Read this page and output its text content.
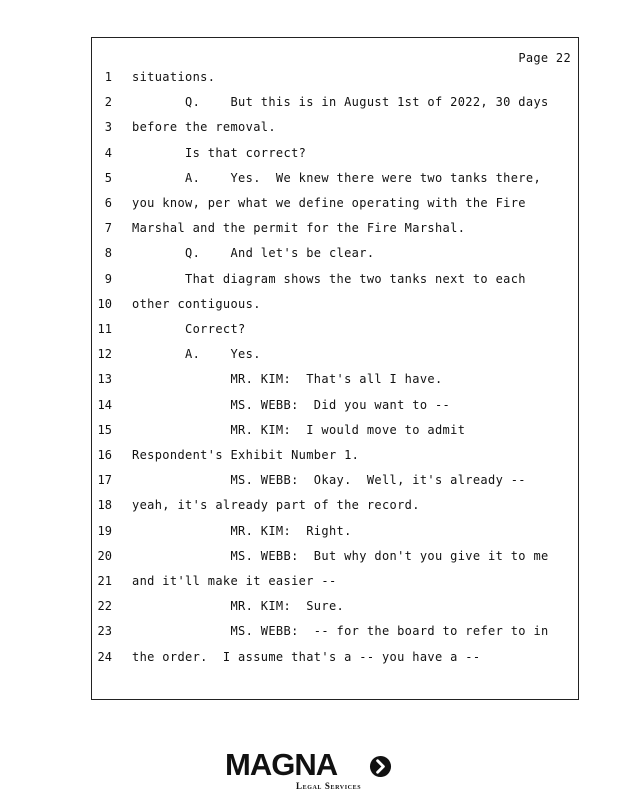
Page 22
1 situations.
2 Q.    But this is in August 1st of 2022, 30 days
3 before the removal.
4 Is that correct?
5 A.    Yes.  We knew there were two tanks there,
6 you know, per what we define operating with the Fire
7 Marshal and the permit for the Fire Marshal.
8 Q.    And let's be clear.
9 That diagram shows the two tanks next to each
10 other contiguous.
11 Correct?
12 A.    Yes.
13 MR. KIM:  That's all I have.
14 MS. WEBB:  Did you want to --
15 MR. KIM:  I would move to admit
16 Respondent's Exhibit Number 1.
17 MS. WEBB:  Okay.  Well, it's already --
18 yeah, it's already part of the record.
19 MR. KIM:  Right.
20 MS. WEBB:  But why don't you give it to me
21 and it'll make it easier --
22 MR. KIM:  Sure.
23 MS. WEBB:  -- for the board to refer to in
24 the order.  I assume that's a -- you have a --
MAGNA
Legal Services
